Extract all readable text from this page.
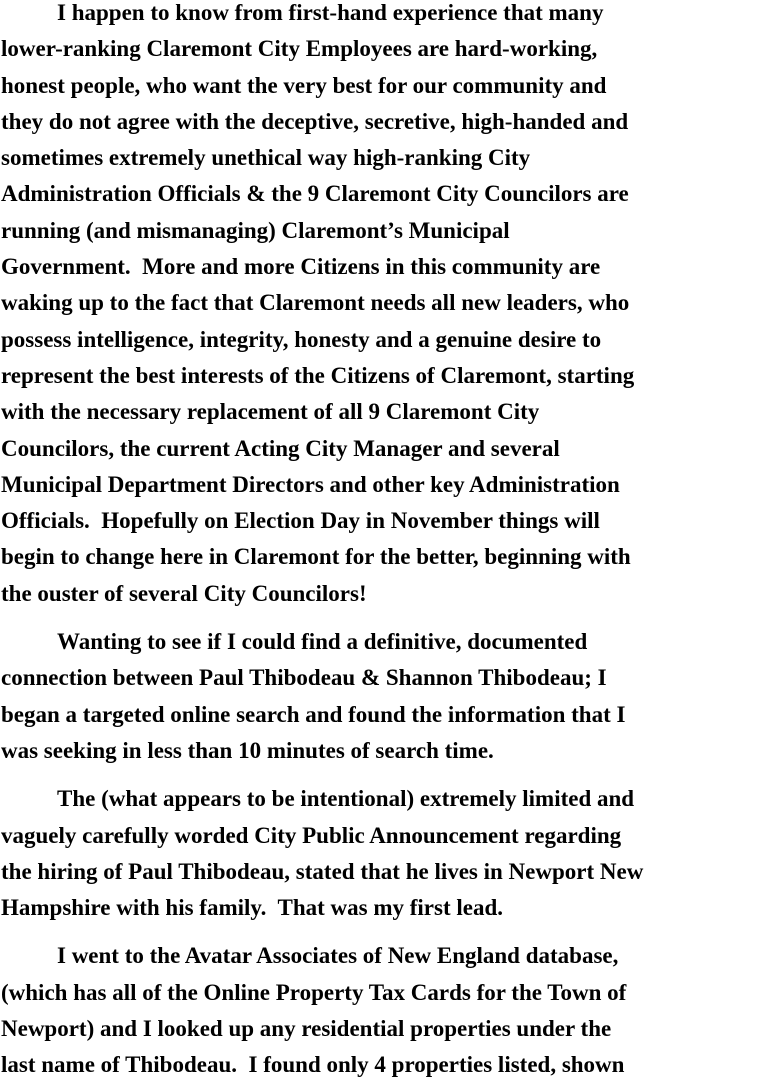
I happen to know from first-hand experience that many
lower-ranking Claremont City Employees are hard-working,
honest people, who want the very best for our community and
they do not agree with the deceptive, secretive, high-handed and
sometimes extremely unethical way high-ranking City
Administration Officials & the 9 Claremont City Councilors are
running (and mismanaging) Claremont’s Municipal
Government.  More and more Citizens in this community are
waking up to the fact that Claremont needs all new leaders, who
possess intelligence, integrity, honesty and a genuine desire to
represent the best interests of the Citizens of Claremont, starting
with the necessary replacement of all 9 Claremont City
Councilors, the current Acting City Manager and several
Municipal Department Directors and other key Administration
Officials.  Hopefully on Election Day in November things will
begin to change here in Claremont for the better, beginning with
the ouster of several City Councilors!
Wanting to see if I could find a definitive, documented
connection between Paul Thibodeau & Shannon Thibodeau; I
began a targeted online search and found the information that I
was seeking in less than 10 minutes of search time.
The (what appears to be intentional) extremely limited and
vaguely carefully worded City Public Announcement regarding
the hiring of Paul Thibodeau, stated that he lives in Newport New
Hampshire with his family.  That was my first lead.
I went to the Avatar Associates of New England database,
(which has all of the Online Property Tax Cards for the Town of
Newport) and I looked up any residential properties under the
last name of Thibodeau.  I found only 4 properties listed, shown
